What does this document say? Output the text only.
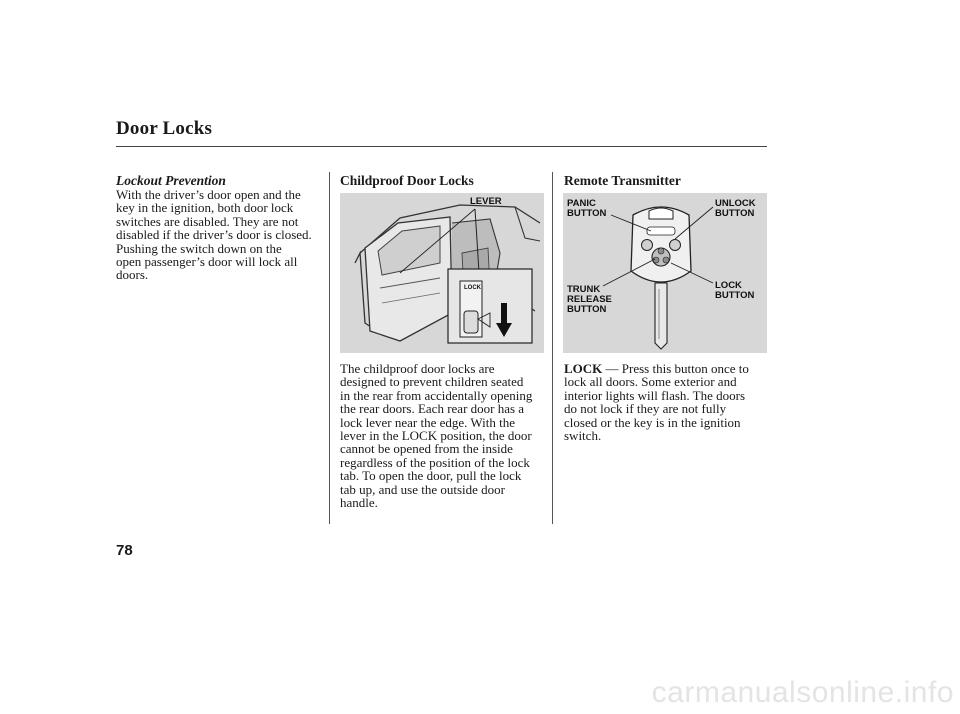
Door Locks
Lockout Prevention
With the driver’s door open and the
key in the ignition, both door lock
switches are disabled. They are not
disabled if the driver’s door is closed.
Pushing the switch down on the
open passenger’s door will lock all
doors.
Childproof Door Locks
LEVER
LOCK
The childproof door locks are
designed to prevent children seated
in the rear from accidentally opening
the rear doors. Each rear door has a
lock lever near the edge. With the
lever in the LOCK position, the door
cannot be opened from the inside
regardless of the position of the lock
tab. To open the door, pull the lock
tab up, and use the outside door
handle.
Remote Transmitter
PANIC
BUTTON
UNLOCK
BUTTON
TRUNK
RELEASE
BUTTON
LOCK
BUTTON
LOCK — Press this button once to
lock all doors. Some exterior and
interior lights will flash. The doors
do not lock if they are not fully
closed or the key is in the ignition
switch.
78
carmanualsonline.info
